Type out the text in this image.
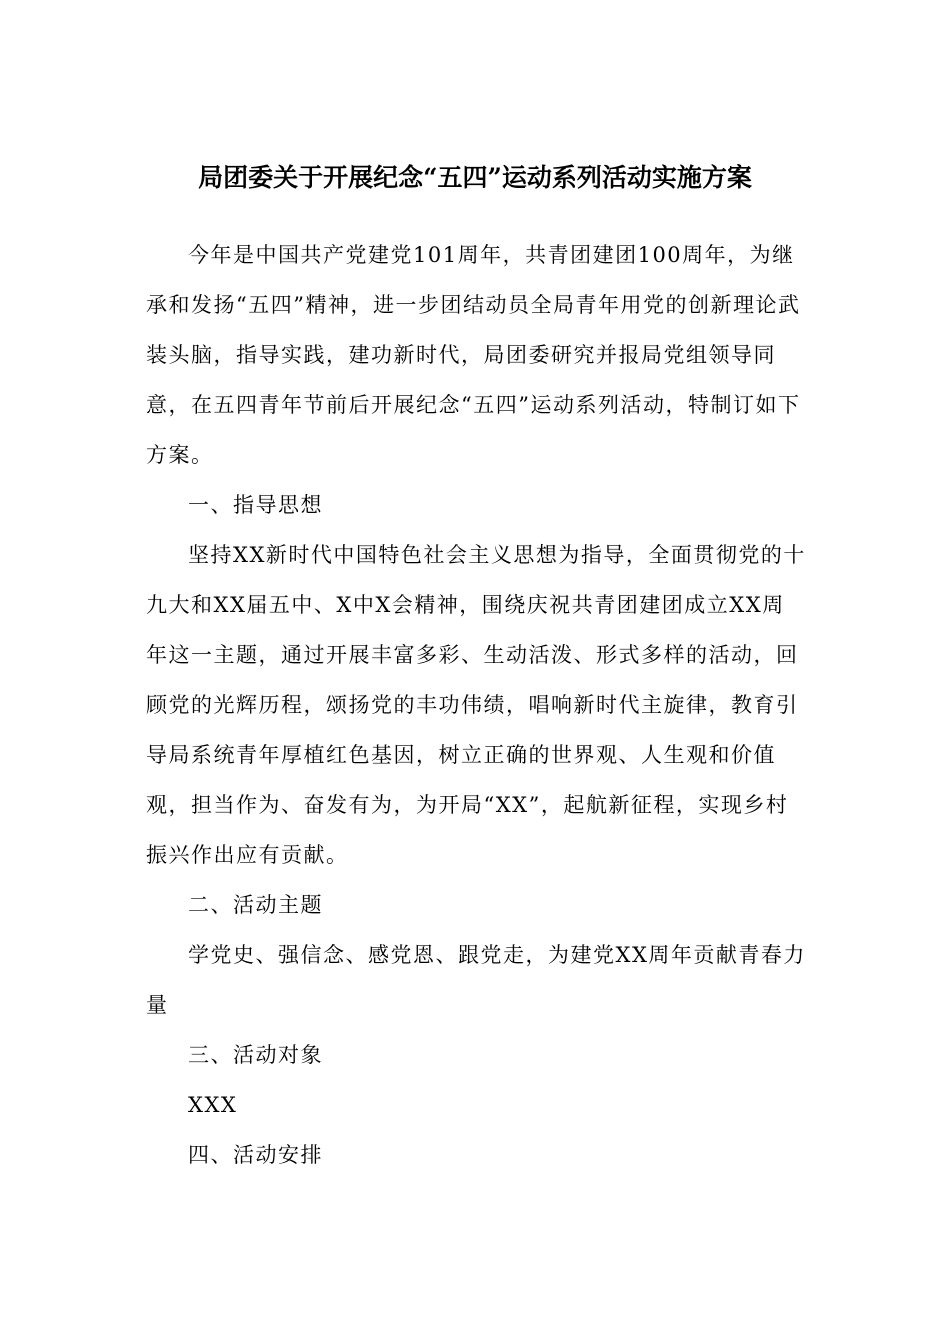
局团委关于开展纪念“五四”运动系列活动实施方案

今年是中国共产党建党101周年，共青团建团100周年，为继承和发扬“五四”精神，进一步团结动员全局青年用党的创新理论武装头脑，指导实践，建功新时代，局团委研究并报局党组领导同意，在五四青年节前后开展纪念“五四”运动系列活动，特制订如下方案。

一、指导思想

坚持XX新时代中国特色社会主义思想为指导，全面贯彻党的十九大和XX届五中、X中X会精神，围绕庆祝共青团建团成立XX周年这一主题，通过开展丰富多彩、生动活泼、形式多样的活动，回顾党的光辉历程，颂扬党的丰功伟绩，唱响新时代主旋律，教育引导局系统青年厚植红色基因，树立正确的世界观、人生观和价值观，担当作为、奋发有为，为开局“XX”，起航新征程，实现乡村振兴作出应有贡献。

二、活动主题

学党史、强信念、感党恩、跟党走，为建党XX周年贡献青春力量

三、活动对象

XXX

四、活动安排
